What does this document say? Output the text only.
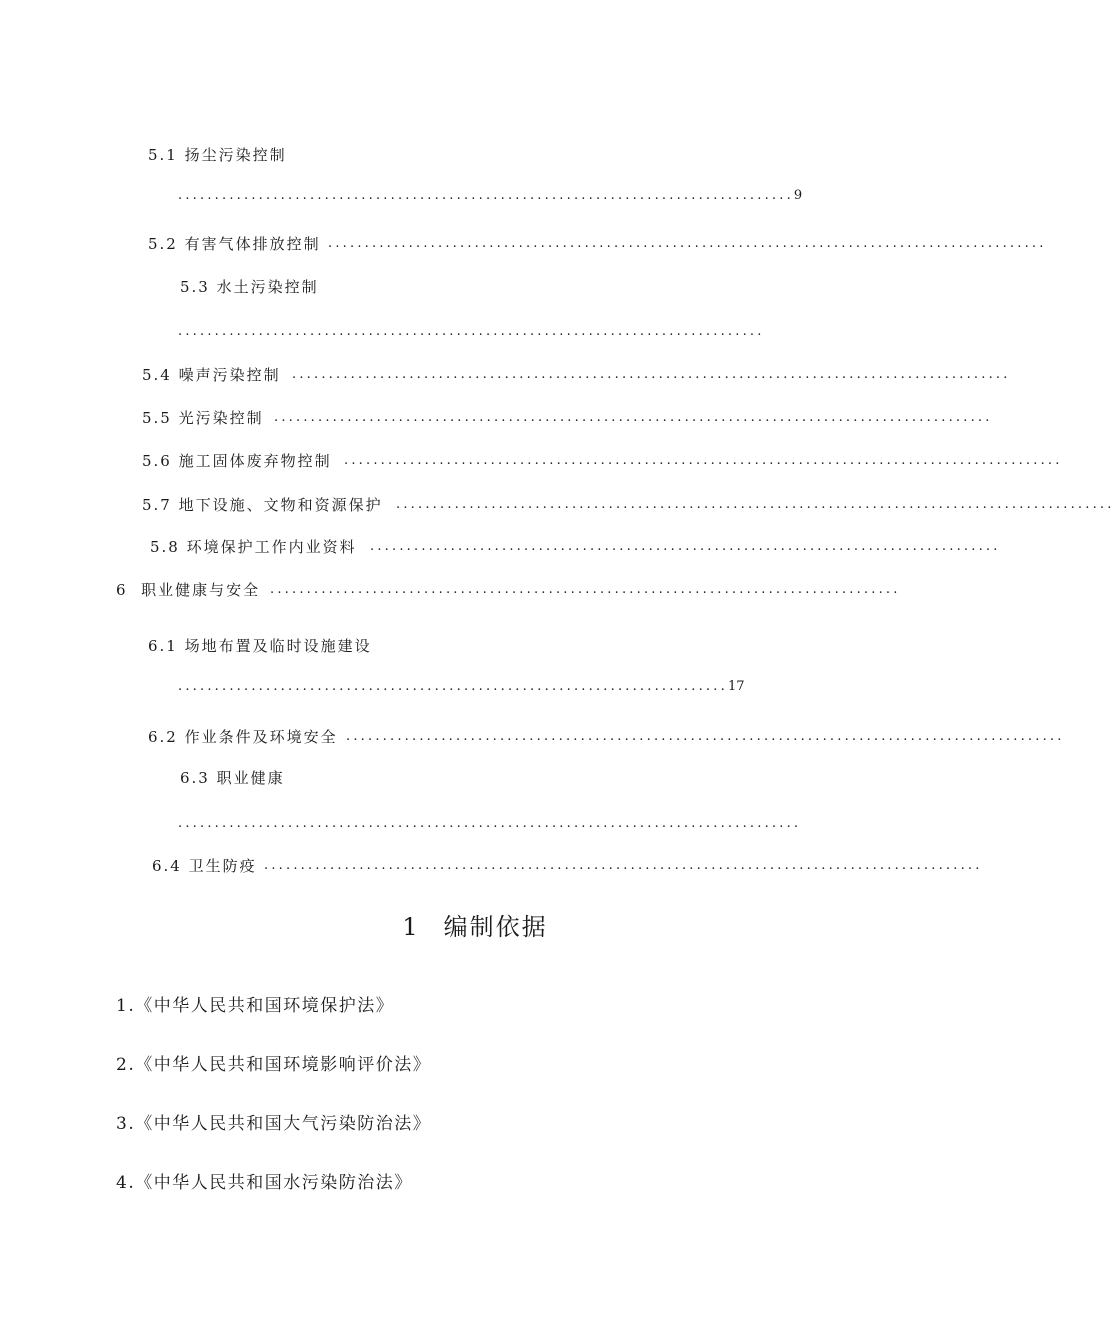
5.1 扬尘污染控制
....................................................................................9
5.2 有害气体排放控制 ..................................................................................................
5.3 水土污染控制
................................................................................
5.4 噪声污染控制 ..................................................................................................
5.5 光污染控制 ..................................................................................................
5.6 施工固体废弃物控制 ..................................................................................................
5.7 地下设施、文物和资源保护 ..................................................................................................
5.8 环境保护工作内业资料 ......................................................................................
6 职业健康与安全 ......................................................................................
6.1 场地布置及临时设施建设
...........................................................................17
6.2 作业条件及环境安全 ..................................................................................................
6.3 职业健康
.....................................................................................
6.4 卫生防疫 ..................................................................................................
1 编制依据
1.《中华人民共和国环境保护法》
2.《中华人民共和国环境影响评价法》
3.《中华人民共和国大气污染防治法》
4.《中华人民共和国水污染防治法》
